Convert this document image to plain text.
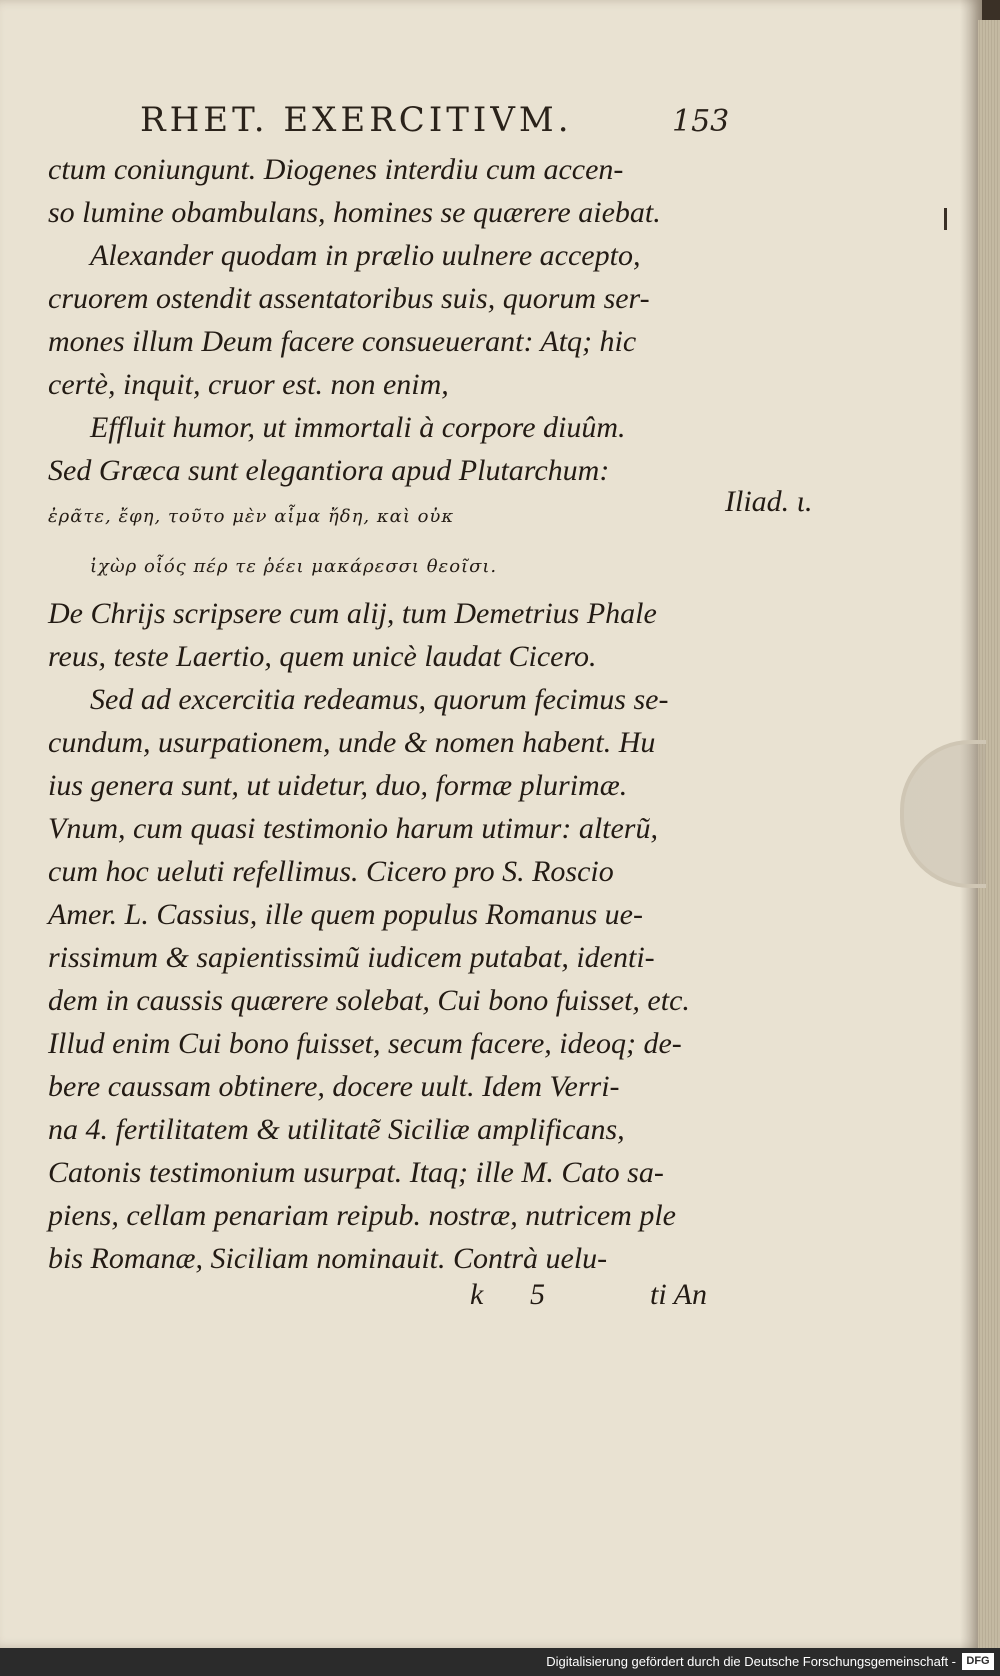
RHET. EXERCITIVM.	153
ctum coniungunt. Diogenes interdiu cum accen-
so lumine obambulans, homines se quærere aiebat.
Alexander quodam in prælio uulnere accepto,
cruorem ostendit assentatoribus suis, quorum ser-
mones illum Deum facere consueuerant: Atq; hic
certè, inquit, cruor est. non enim,
Effluit humor, ut immortali à corpore diuûm.
Sed Græca sunt elegantiora apud Plutarchum:
ἐρᾶτε, ἔφη, τοῦτο μὲν αἷμα ἤδη, καὶ οὐκ
ἰχὼρ οἷός πέρ τε ῥέει μακάρεσσι θεοῖσι.
De Chrijs scripsere cum alij, tum Demetrius Phale
reus, teste Laertio, quem unicè laudat Cicero.
Sed ad excercitia redeamus, quorum fecimus se-
cundum, usurpationem, unde & nomen habent. Hu
ius genera sunt, ut uidetur, duo, formæ plurimæ.
Vnum, cum quasi testimonio harum utimur: alterũ,
cum hoc ueluti refellimus. Cicero pro S. Roscio
Amer. L. Cassius, ille quem populus Romanus ue-
rissimum & sapientissimũ iudicem putabat, identi-
dem in caussis quærere solebat, Cui bono fuisset, etc.
Illud enim Cui bono fuisset, secum facere, ideoq; de-
bere caussam obtinere, docere uult. Idem Verri-
na 4. fertilitatem & utilitatẽ Siciliæ amplificans,
Catonis testimonium usurpat. Itaq; ille M. Cato sa-
piens, cellam penariam reipub. nostræ, nutricem ple
bis Romanæ, Siciliam nominauit. Contrà uelu-
Iliad. ι.
k 5	ti An
Digitalisierung gefördert durch die Deutsche Forschungsgemeinschaft - DFG
